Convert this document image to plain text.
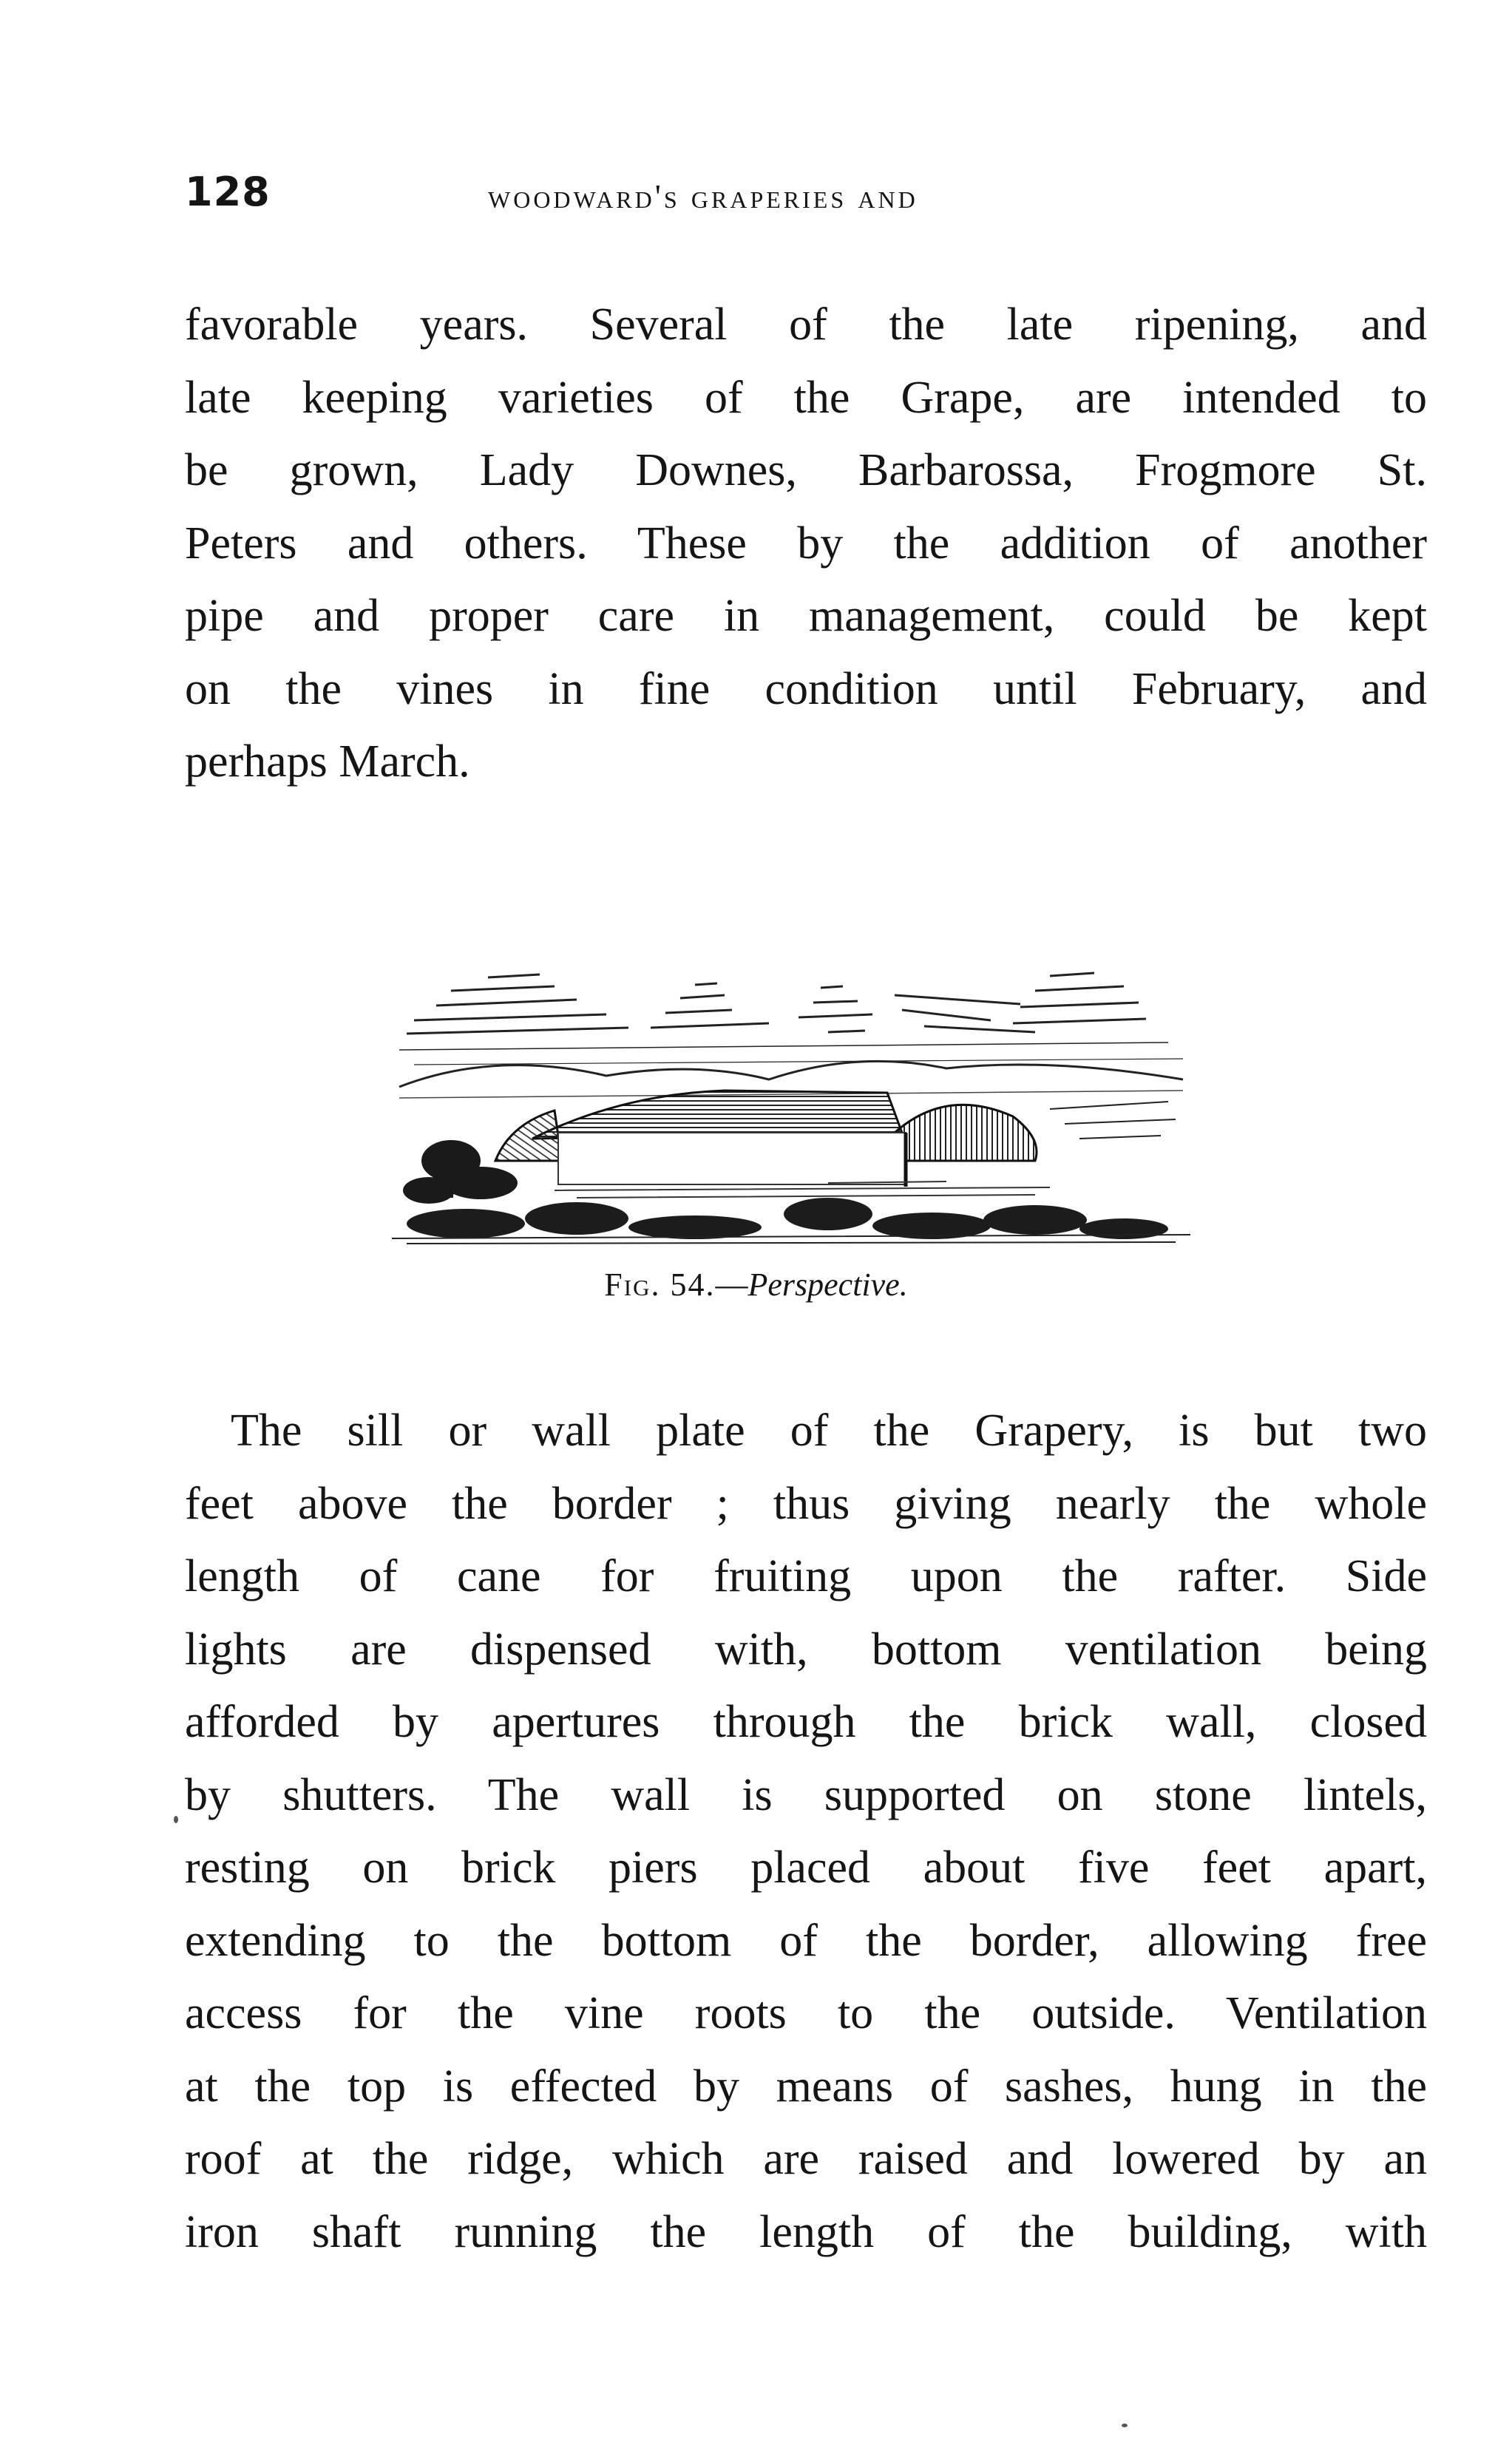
128	woodward's graperies and
favorable years. Several of the late ripening, and
late keeping varieties of the Grape, are intended to
be grown, Lady Downes, Barbarossa, Frogmore St.
Peters and others. These by the addition of another
pipe and proper care in management, could be kept
on the vines in fine condition until February, and
perhaps March.
Fig. 54.—Perspective.
The sill or wall plate of the Grapery, is but two
feet above the border ; thus giving nearly the whole
length of cane for fruiting upon the rafter. Side
lights are dispensed with, bottom ventilation being
afforded by apertures through the brick wall, closed
by shutters. The wall is supported on stone lintels,
resting on brick piers placed about five feet apart,
extending to the bottom of the border, allowing free
access for the vine roots to the outside. Ventilation
at the top is effected by means of sashes, hung in the
roof at the ridge, which are raised and lowered by an
iron shaft running the length of the building, with
